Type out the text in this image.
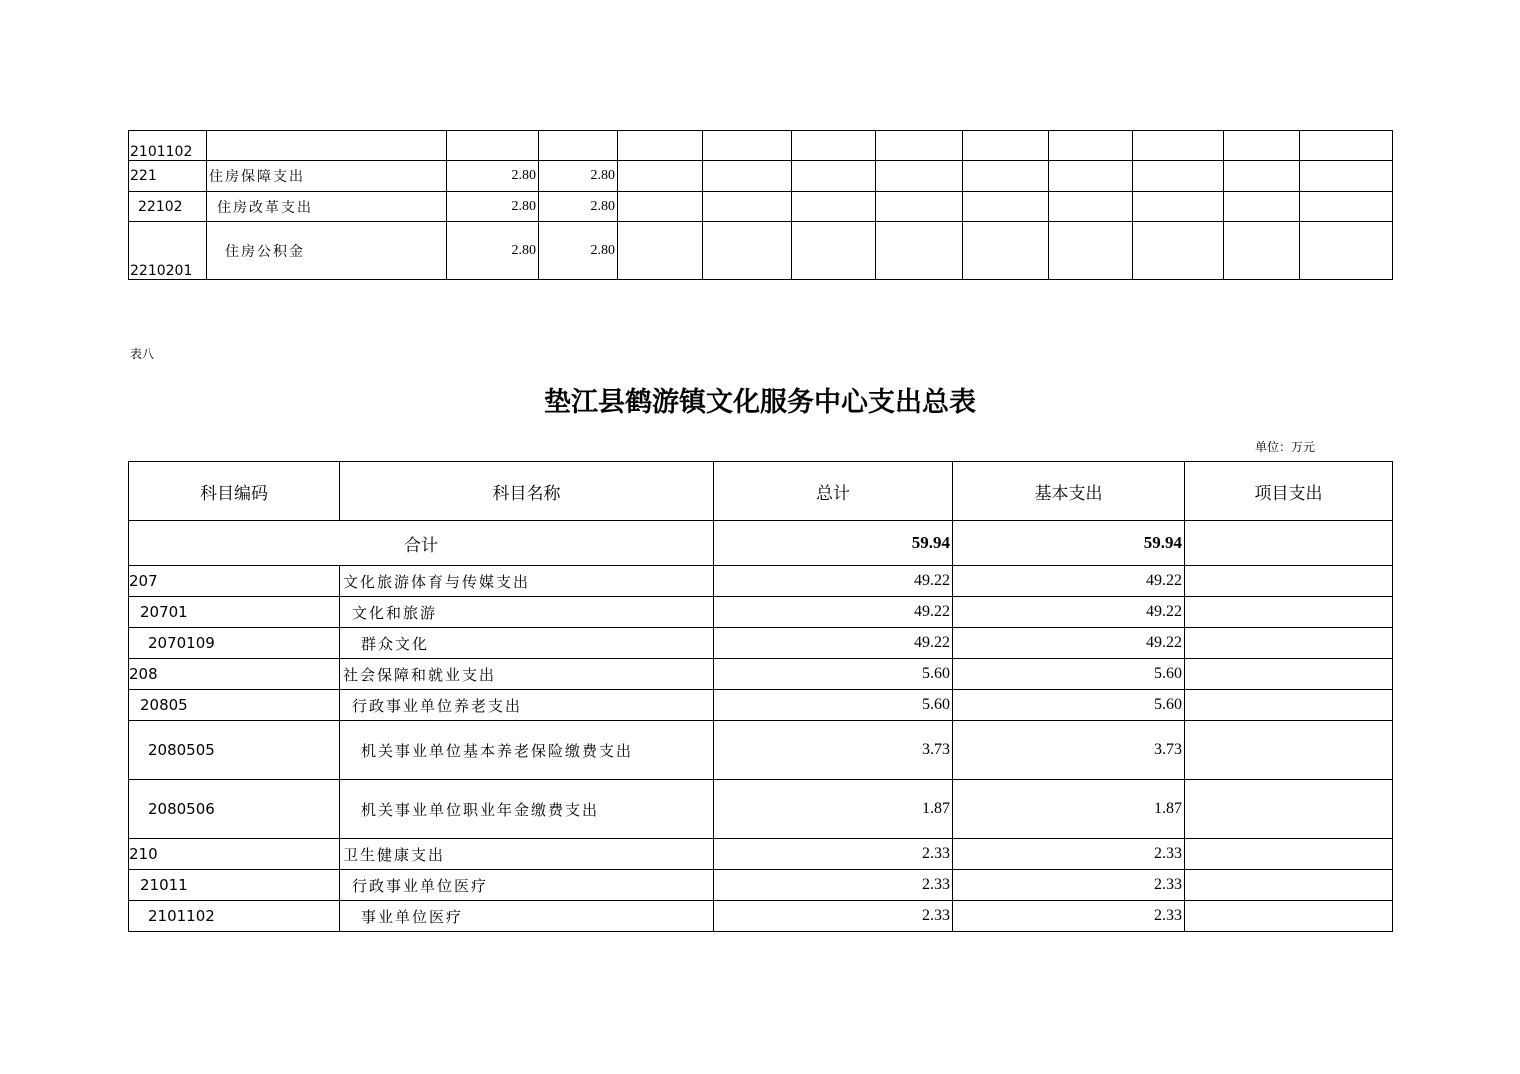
2101102												
221	住房保障支出	2.80	2.80									
22102	住房改革支出	2.80	2.80									
2210201	住房公积金	2.80	2.80									
表八
垫江县鹤游镇文化服务中心支出总表
单位：万元
科目编码	科目名称	总计	基本支出	项目支出
合计		59.94	59.94	
207	文化旅游体育与传媒支出	49.22	49.22	
20701	文化和旅游	49.22	49.22	
2070109	群众文化	49.22	49.22	
208	社会保障和就业支出	5.60	5.60	
20805	行政事业单位养老支出	5.60	5.60	
2080505	机关事业单位基本养老保险缴费支出	3.73	3.73	
2080506	机关事业单位职业年金缴费支出	1.87	1.87	
210	卫生健康支出	2.33	2.33	
21011	行政事业单位医疗	2.33	2.33	
2101102	事业单位医疗	2.33	2.33	
